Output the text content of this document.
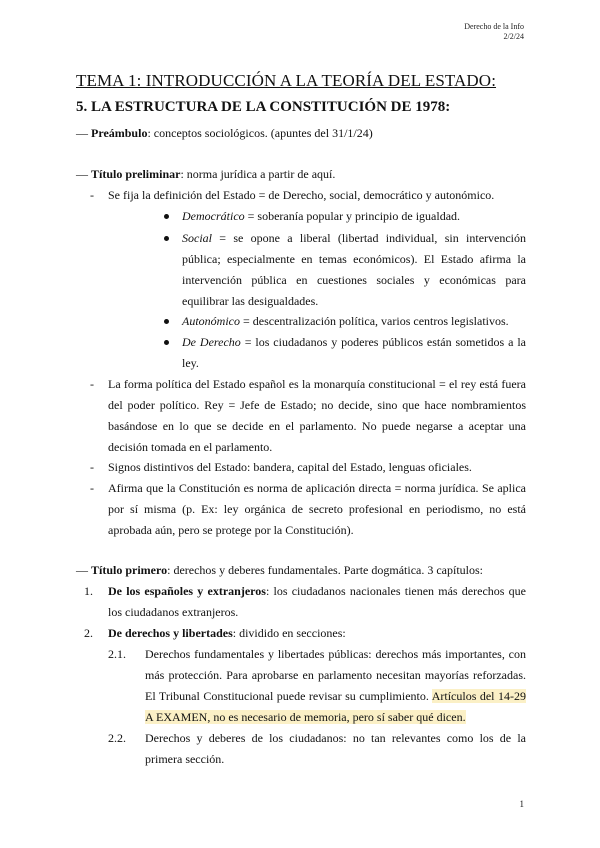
Derecho de la Info
2/2/24
TEMA 1: INTRODUCCIÓN A LA TEORÍA DEL ESTADO:
5. LA ESTRUCTURA DE LA CONSTITUCIÓN DE 1978:
— Preámbulo: conceptos sociológicos. (apuntes del 31/1/24)
— Título preliminar: norma jurídica a partir de aquí.
- Se fija la definición del Estado = de Derecho, social, democrático y autonómico.
Democrático = soberanía popular y principio de igualdad.
Social = se opone a liberal (libertad individual, sin intervención pública; especialmente en temas económicos). El Estado afirma la intervención pública en cuestiones sociales y económicas para equilibrar las desigualdades.
Autonómico = descentralización política, varios centros legislativos.
De Derecho = los ciudadanos y poderes públicos están sometidos a la ley.
- La forma política del Estado español es la monarquía constitucional = el rey está fuera del poder político. Rey = Jefe de Estado; no decide, sino que hace nombramientos basándose en lo que se decide en el parlamento. No puede negarse a aceptar una decisión tomada en el parlamento.
- Signos distintivos del Estado: bandera, capital del Estado, lenguas oficiales.
- Afirma que la Constitución es norma de aplicación directa = norma jurídica. Se aplica por sí misma (p. Ex: ley orgánica de secreto profesional en periodismo, no está aprobada aún, pero se protege por la Constitución).
— Título primero: derechos y deberes fundamentales. Parte dogmática. 3 capítulos:
1. De los españoles y extranjeros: los ciudadanos nacionales tienen más derechos que los ciudadanos extranjeros.
2. De derechos y libertades: dividido en secciones:
2.1. Derechos fundamentales y libertades públicas: derechos más importantes, con más protección. Para aprobarse en parlamento necesitan mayorías reforzadas. El Tribunal Constitucional puede revisar su cumplimiento. Artículos del 14-29 A EXAMEN, no es necesario de memoria, pero sí saber qué dicen.
2.2. Derechos y deberes de los ciudadanos: no tan relevantes como los de la primera sección.
1
